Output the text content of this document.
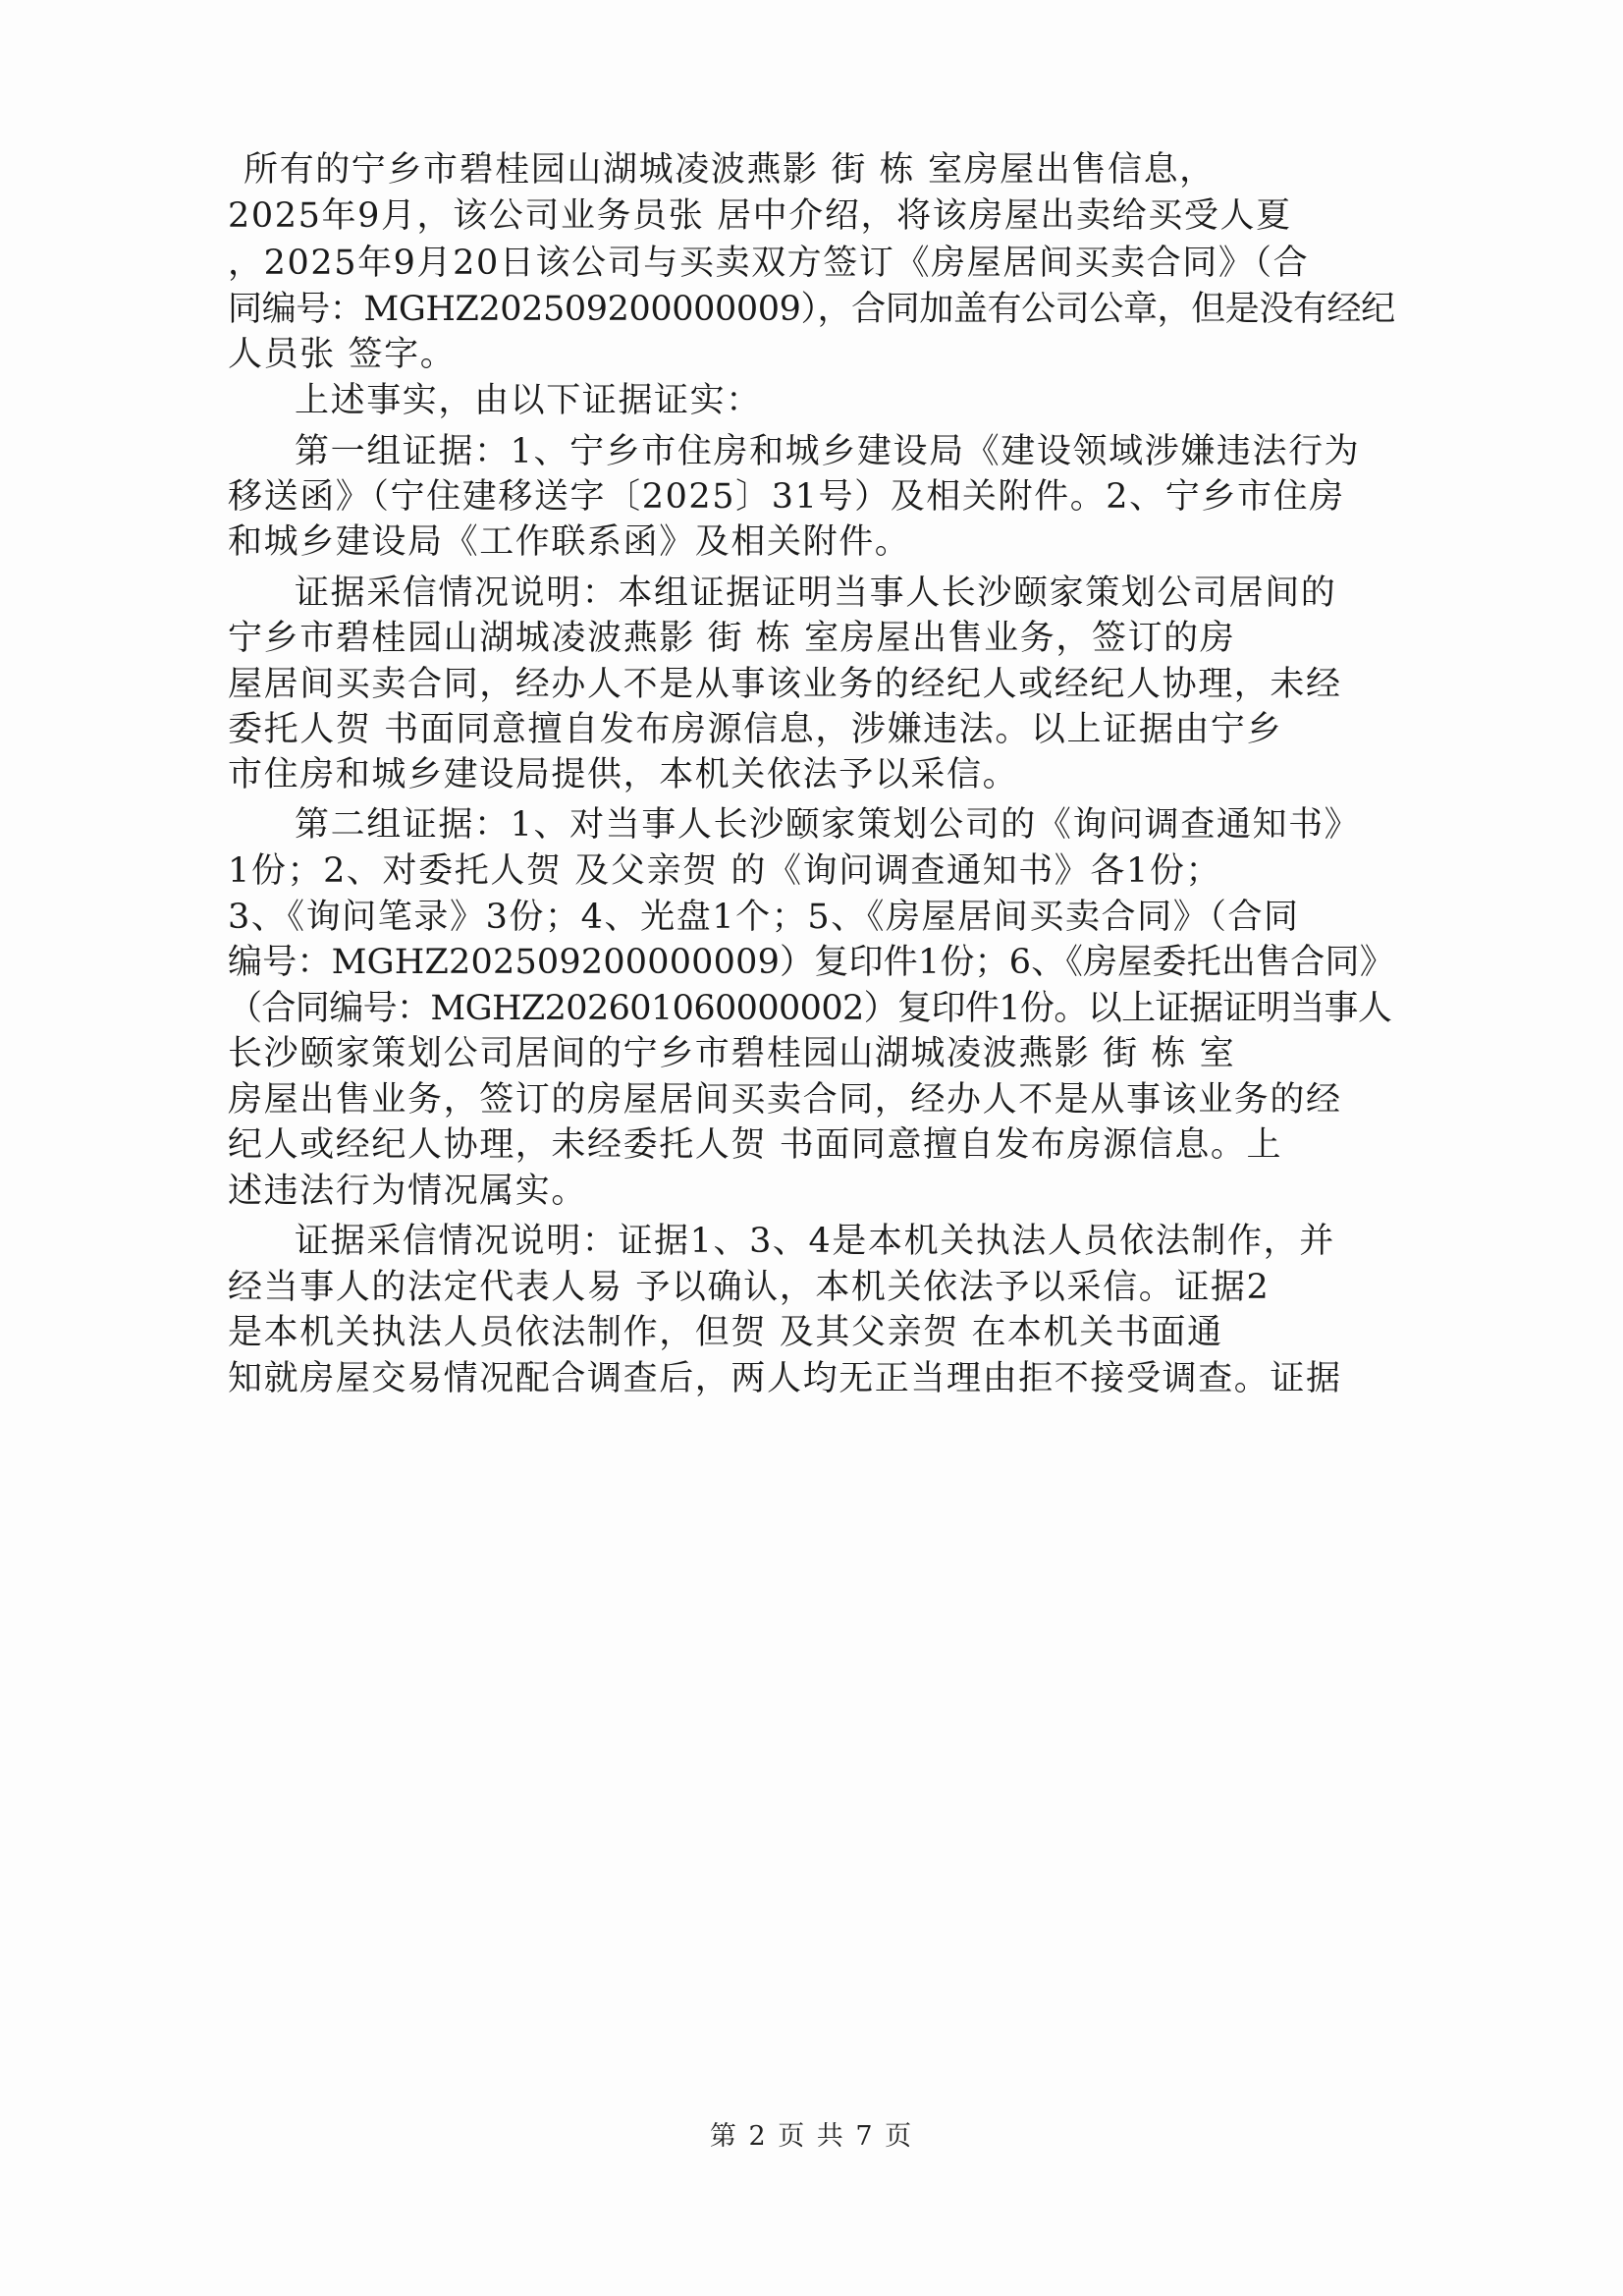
所有的宁乡市碧桂园山湖城凌波燕影 街 栋 室房屋出售信息，
2025年9月，该公司业务员张 居中介绍，将该房屋出卖给买受人夏
，2025年9月20日该公司与买卖双方签订《房屋居间买卖合同》（合
同编号：MGHZ202509200000009），合同加盖有公司公章，但是没有经纪
人员张 签字。
上述事实，由以下证据证实：
第一组证据：1、宁乡市住房和城乡建设局《建设领域涉嫌违法行为
移送函》（宁住建移送字〔2025〕31号）及相关附件。2、宁乡市住房
和城乡建设局《工作联系函》及相关附件。
证据采信情况说明：本组证据证明当事人长沙颐家策划公司居间的
宁乡市碧桂园山湖城凌波燕影 街 栋 室房屋出售业务，签订的房
屋居间买卖合同，经办人不是从事该业务的经纪人或经纪人协理，未经
委托人贺 书面同意擅自发布房源信息，涉嫌违法。以上证据由宁乡
市住房和城乡建设局提供，本机关依法予以采信。
第二组证据：1、对当事人长沙颐家策划公司的《询问调查通知书》
1份；2、对委托人贺 及父亲贺 的《询问调查通知书》各1份；
3、《询问笔录》3份；4、光盘1个；5、《房屋居间买卖合同》（合同
编号：MGHZ202509200000009）复印件1份；6、《房屋委托出售合同》
（合同编号：MGHZ202601060000002）复印件1份。以上证据证明当事人
长沙颐家策划公司居间的宁乡市碧桂园山湖城凌波燕影 街 栋 室
房屋出售业务，签订的房屋居间买卖合同，经办人不是从事该业务的经
纪人或经纪人协理，未经委托人贺 书面同意擅自发布房源信息。上
述违法行为情况属实。
证据采信情况说明：证据1、3、4是本机关执法人员依法制作，并
经当事人的法定代表人易 予以确认，本机关依法予以采信。证据2
是本机关执法人员依法制作，但贺 及其父亲贺 在本机关书面通
知就房屋交易情况配合调查后，两人均无正当理由拒不接受调查。证据
第 2 页 共 7 页
